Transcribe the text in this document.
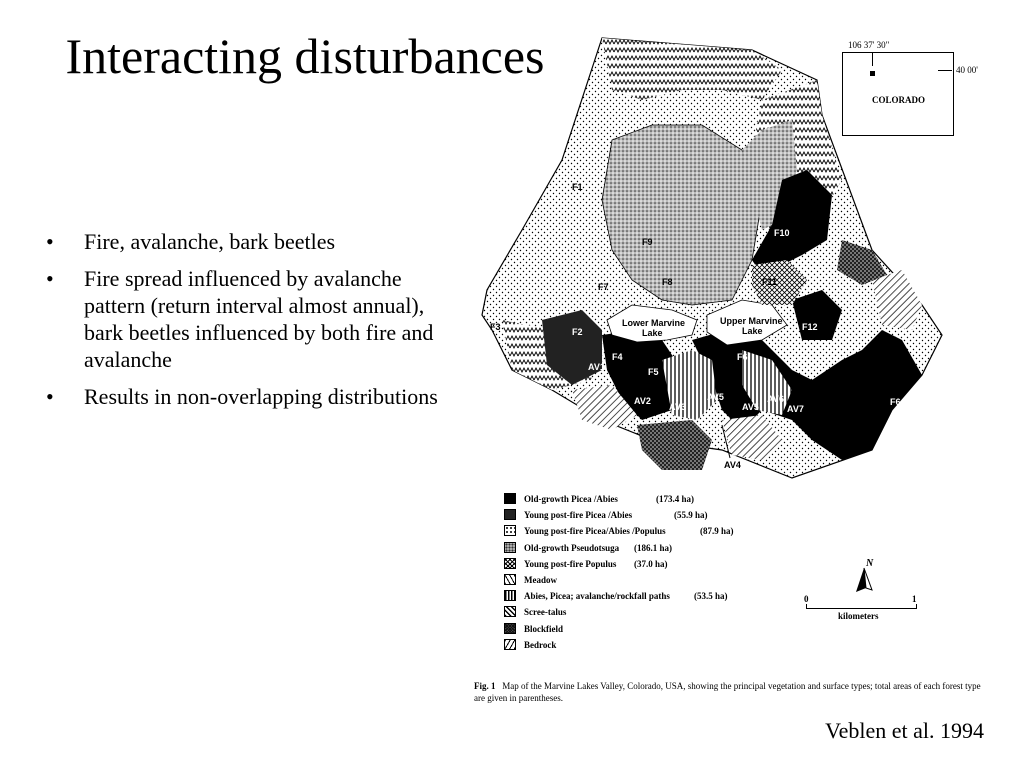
Interacting disturbances
• Fire, avalanche, bark beetles
• Fire spread influenced by avalanche pattern (return interval almost annual), bark beetles influenced by both fire and avalanche
• Results in non-overlapping distributions
F1
F9
F8
F7
F3
F10
F2
F4
F5
F6
F6
F12
F11
Lower Marvine
Lake
Upper Marvine
Lake
AV4
AV2
AV3	AV5
AV6
AV7
AV1
AV5
106 37' 30"
40 00'
COLORADO
Old-growth Picea /Abies	(173.4 ha)
Young post-fire Picea /Abies	(55.9 ha)
Young post-fire Picea/Abies /Populus	(87.9 ha)
Old-growth Pseudotsuga (186.1 ha)
Young post-fire Populus (37.0 ha)
Meadow
Abies, Picea; avalanche/rockfall paths	(53.5 ha)
Scree-talus
Blockfield
Bedrock
N
0	1
kilometers
Fig. 1 Map of the Marvine Lakes Valley, Colorado, USA, showing the principal vegetation and surface types; total areas of each forest type are given in parentheses.
Veblen et al. 1994
